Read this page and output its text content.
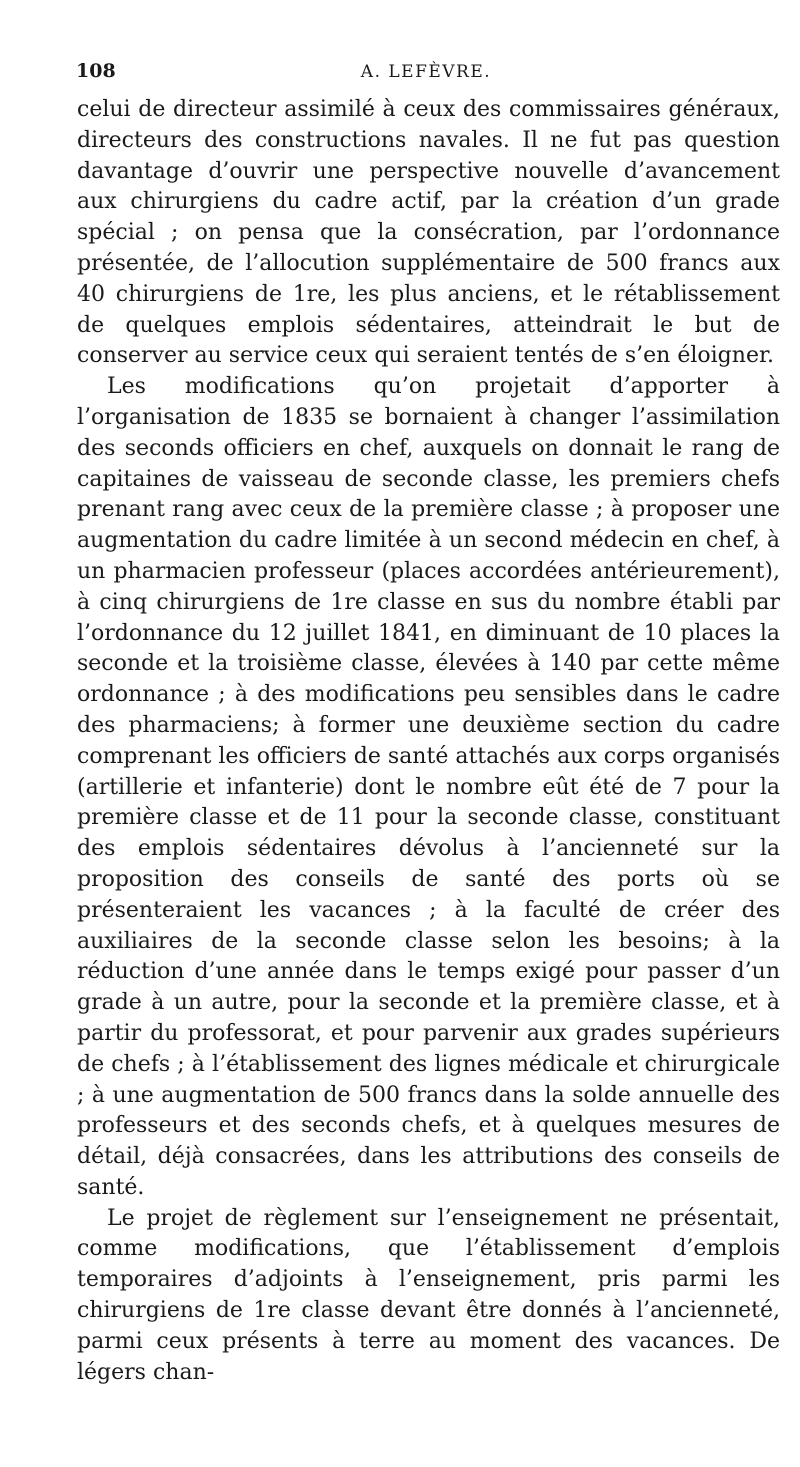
108	A. LEFÈVRE.

celui de directeur assimilé à ceux des commissaires généraux, directeurs des constructions navales. Il ne fut pas question davantage d’ouvrir une perspective nouvelle d’avancement aux chirurgiens du cadre actif, par la création d’un grade spécial ; on pensa que la consécration, par l’ordonnance présentée, de l’allocution supplémentaire de 500 francs aux 40 chirurgiens de 1re, les plus anciens, et le rétablissement de quelques emplois sédentaires, atteindrait le but de conserver au service ceux qui seraient tentés de s’en éloigner.

Les modifications qu’on projetait d’apporter à l’organisation de 1835 se bornaient à changer l’assimilation des seconds officiers en chef, auxquels on donnait le rang de capitaines de vaisseau de seconde classe, les premiers chefs prenant rang avec ceux de la première classe ; à proposer une augmentation du cadre limitée à un second médecin en chef, à un pharmacien professeur (places accordées antérieurement), à cinq chirurgiens de 1re classe en sus du nombre établi par l’ordonnance du 12 juillet 1841, en diminuant de 10 places la seconde et la troisième classe, élevées à 140 par cette même ordonnance ; à des modifications peu sensibles dans le cadre des pharmaciens; à former une deuxième section du cadre comprenant les officiers de santé attachés aux corps organisés (artillerie et infanterie) dont le nombre eût été de 7 pour la première classe et de 11 pour la seconde classe, constituant des emplois sédentaires dévolus à l’ancienneté sur la proposition des conseils de santé des ports où se présenteraient les vacances ; à la faculté de créer des auxiliaires de la seconde classe selon les besoins; à la réduction d’une année dans le temps exigé pour passer d’un grade à un autre, pour la seconde et la première classe, et à partir du professorat, et pour parvenir aux grades supérieurs de chefs ; à l’établissement des lignes médicale et chirurgicale ; à une augmentation de 500 francs dans la solde annuelle des professeurs et des seconds chefs, et à quelques mesures de détail, déjà consacrées, dans les attributions des conseils de santé.

Le projet de règlement sur l’enseignement ne présentait, comme modifications, que l’établissement d’emplois temporaires d’adjoints à l’enseignement, pris parmi les chirurgiens de 1re classe devant être donnés à l’ancienneté, parmi ceux présents à terre au moment des vacances. De légers chan-
